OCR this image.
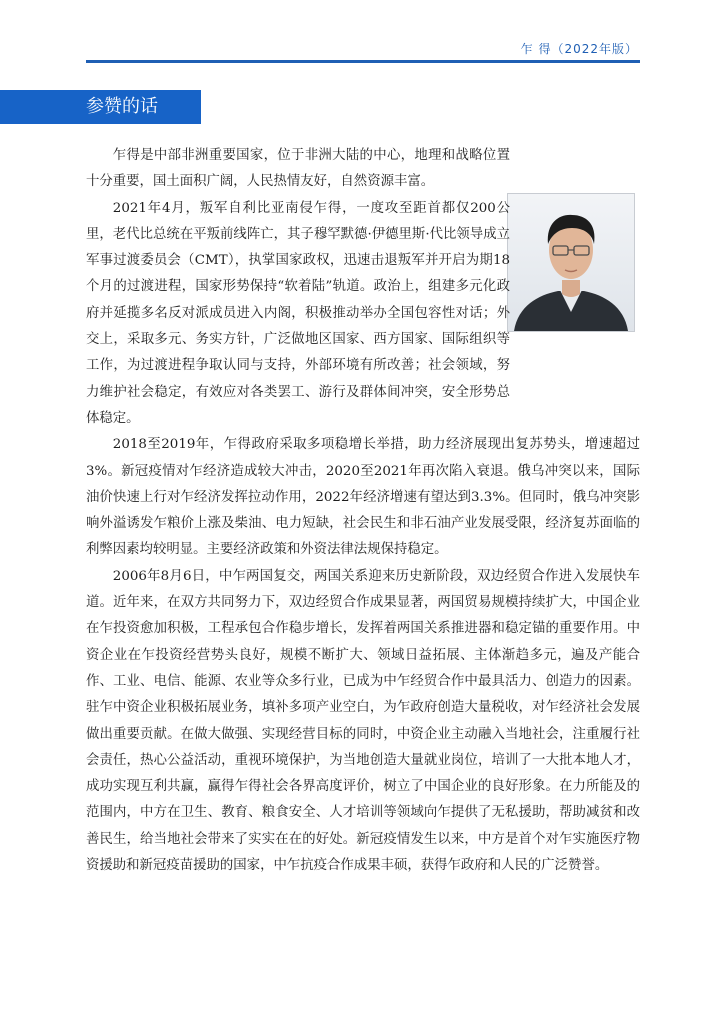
乍 得（2022年版）
参赞的话

乍得是中部非洲重要国家，位于非洲大陆的中心，地理和战略位置十分重要，国土面积广阔，人民热情友好，自然资源丰富。

2021年4月，叛军自利比亚南侵乍得，一度攻至距首都仅200公里，老代比总统在平叛前线阵亡，其子穆罕默德·伊德里斯·代比领导成立军事过渡委员会（CMT），执掌国家政权，迅速击退叛军并开启为期18个月的过渡进程，国家形势保持“软着陆”轨道。政治上，组建多元化政府并延揽多名反对派成员进入内阁，积极推动举办全国包容性对话；外交上，采取多元、务实方针，广泛做地区国家、西方国家、国际组织等工作，为过渡进程争取认同与支持，外部环境有所改善；社会领域，努力维护社会稳定，有效应对各类罢工、游行及群体间冲突，安全形势总体稳定。

2018至2019年，乍得政府采取多项稳增长举措，助力经济展现出复苏势头，增速超过3%。新冠疫情对乍经济造成较大冲击，2020至2021年再次陷入衰退。俄乌冲突以来，国际油价快速上行对乍经济发挥拉动作用，2022年经济增速有望达到3.3%。但同时，俄乌冲突影响外溢诱发乍粮价上涨及柴油、电力短缺，社会民生和非石油产业发展受限，经济复苏面临的利弊因素均较明显。主要经济政策和外资法律法规保持稳定。

2006年8月6日，中乍两国复交，两国关系迎来历史新阶段，双边经贸合作进入发展快车道。近年来，在双方共同努力下，双边经贸合作成果显著，两国贸易规模持续扩大，中国企业在乍投资愈加积极，工程承包合作稳步增长，发挥着两国关系推进器和稳定锚的重要作用。中资企业在乍投资经营势头良好，规模不断扩大、领域日益拓展、主体渐趋多元，遍及产能合作、工业、电信、能源、农业等众多行业，已成为中乍经贸合作中最具活力、创造力的因素。驻乍中资企业积极拓展业务，填补多项产业空白，为乍政府创造大量税收，对乍经济社会发展做出重要贡献。在做大做强、实现经营目标的同时，中资企业主动融入当地社会，注重履行社会责任，热心公益活动，重视环境保护，为当地创造大量就业岗位，培训了一大批本地人才，成功实现互利共赢，赢得乍得社会各界高度评价，树立了中国企业的良好形象。在力所能及的范围内，中方在卫生、教育、粮食安全、人才培训等领域向乍提供了无私援助，帮助减贫和改善民生，给当地社会带来了实实在在的好处。新冠疫情发生以来，中方是首个对乍实施医疗物资援助和新冠疫苗援助的国家，中乍抗疫合作成果丰硕，获得乍政府和人民的广泛赞誉。
